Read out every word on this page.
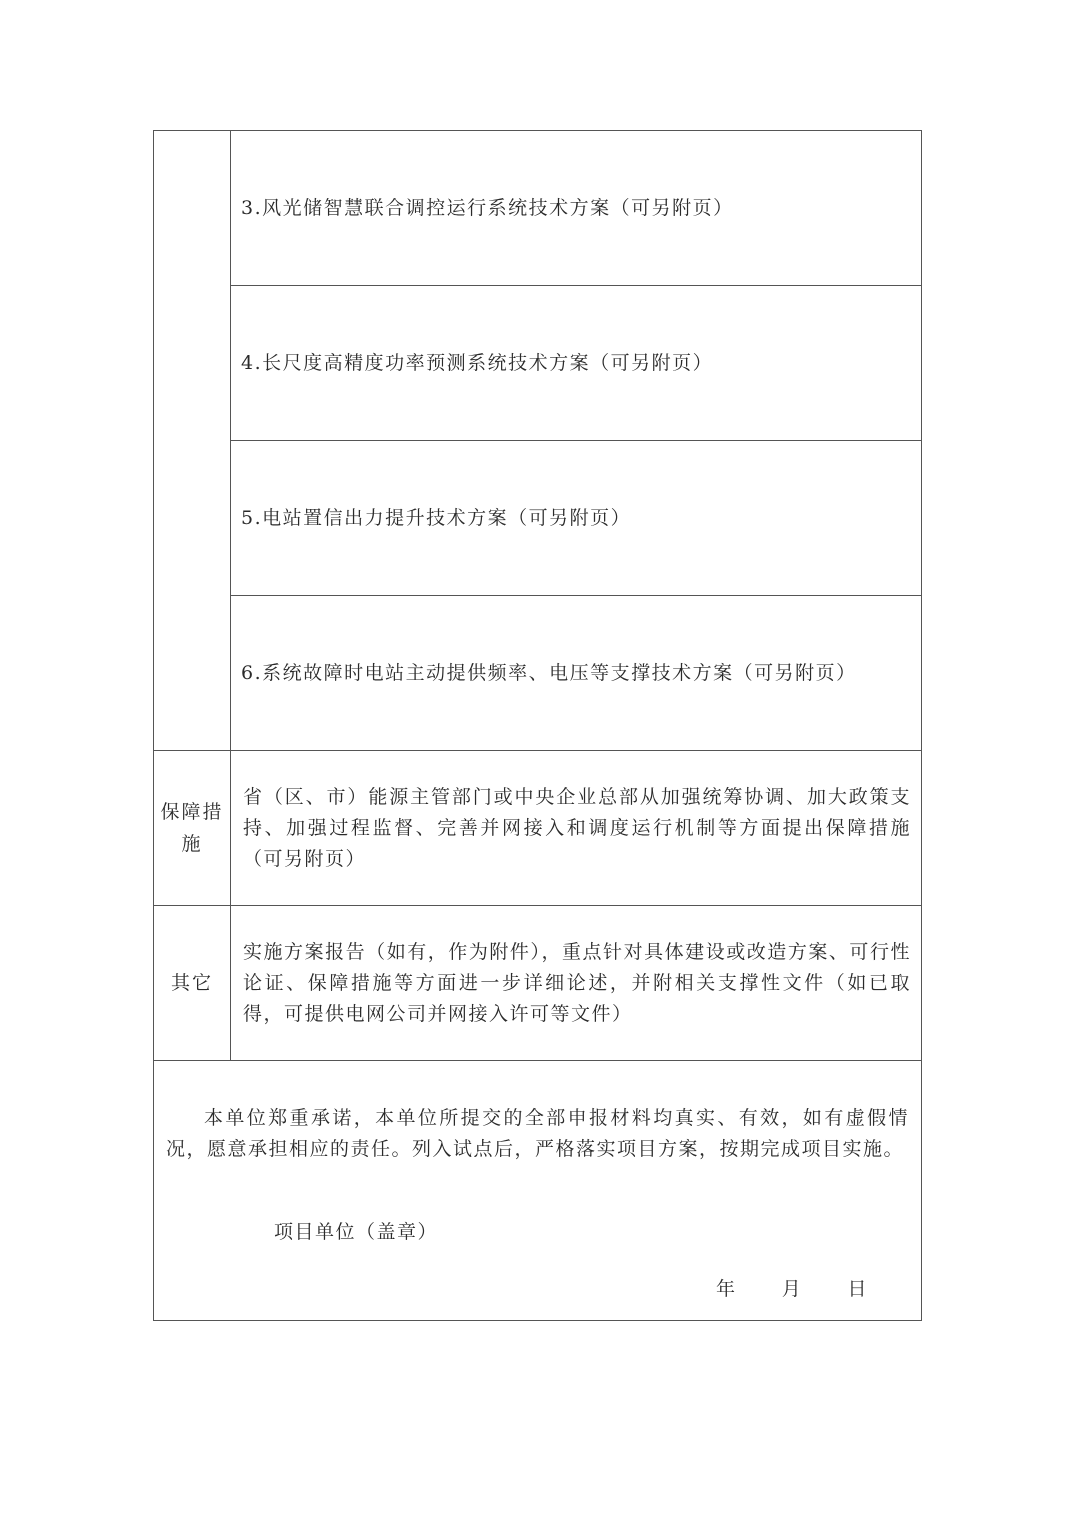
	3.风光储智慧联合调控运行系统技术方案（可另附页）
	4.长尺度高精度功率预测系统技术方案（可另附页）
	5.电站置信出力提升技术方案（可另附页）
	6.系统故障时电站主动提供频率、电压等支撑技术方案（可另附页）
保障措施	省（区、市）能源主管部门或中央企业总部从加强统筹协调、加大政策支持、加强过程监督、完善并网接入和调度运行机制等方面提出保障措施（可另附页）
其它	实施方案报告（如有，作为附件），重点针对具体建设或改造方案、可行性论证、保障措施等方面进一步详细论述，并附相关支撑性文件（如已取得，可提供电网公司并网接入许可等文件）

本单位郑重承诺，本单位所提交的全部申报材料均真实、有效，如有虚假情况，愿意承担相应的责任。列入试点后，严格落实项目方案，按期完成项目实施。
项目单位（盖章）
年 月 日	
